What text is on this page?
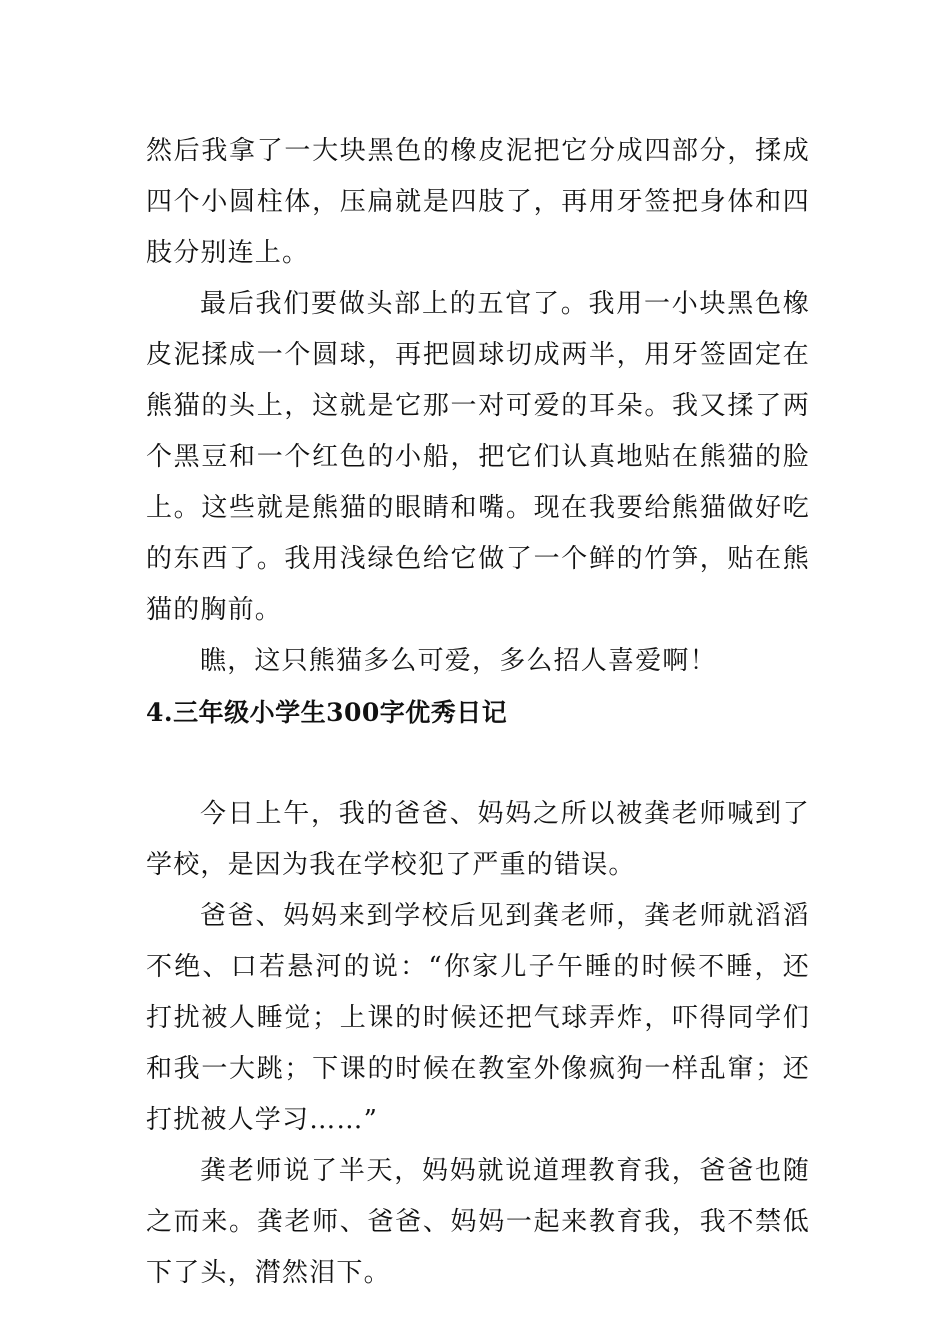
然后我拿了一大块黑色的橡皮泥把它分成四部分，揉成四个小圆柱体，压扁就是四肢了，再用牙签把身体和四肢分别连上。

最后我们要做头部上的五官了。我用一小块黑色橡皮泥揉成一个圆球，再把圆球切成两半，用牙签固定在熊猫的头上，这就是它那一对可爱的耳朵。我又揉了两个黑豆和一个红色的小船，把它们认真地贴在熊猫的脸上。这些就是熊猫的眼睛和嘴。现在我要给熊猫做好吃的东西了。我用浅绿色给它做了一个鲜的竹笋，贴在熊猫的胸前。

瞧，这只熊猫多么可爱，多么招人喜爱啊！

4.三年级小学生300字优秀日记

今日上午，我的爸爸、妈妈之所以被龚老师喊到了学校，是因为我在学校犯了严重的错误。

爸爸、妈妈来到学校后见到龚老师，龚老师就滔滔不绝、口若悬河的说：“你家儿子午睡的时候不睡，还打扰被人睡觉；上课的时候还把气球弄炸，吓得同学们和我一大跳；下课的时候在教室外像疯狗一样乱窜；还打扰被人学习……”

龚老师说了半天，妈妈就说道理教育我，爸爸也随之而来。龚老师、爸爸、妈妈一起来教育我，我不禁低下了头，潸然泪下。
